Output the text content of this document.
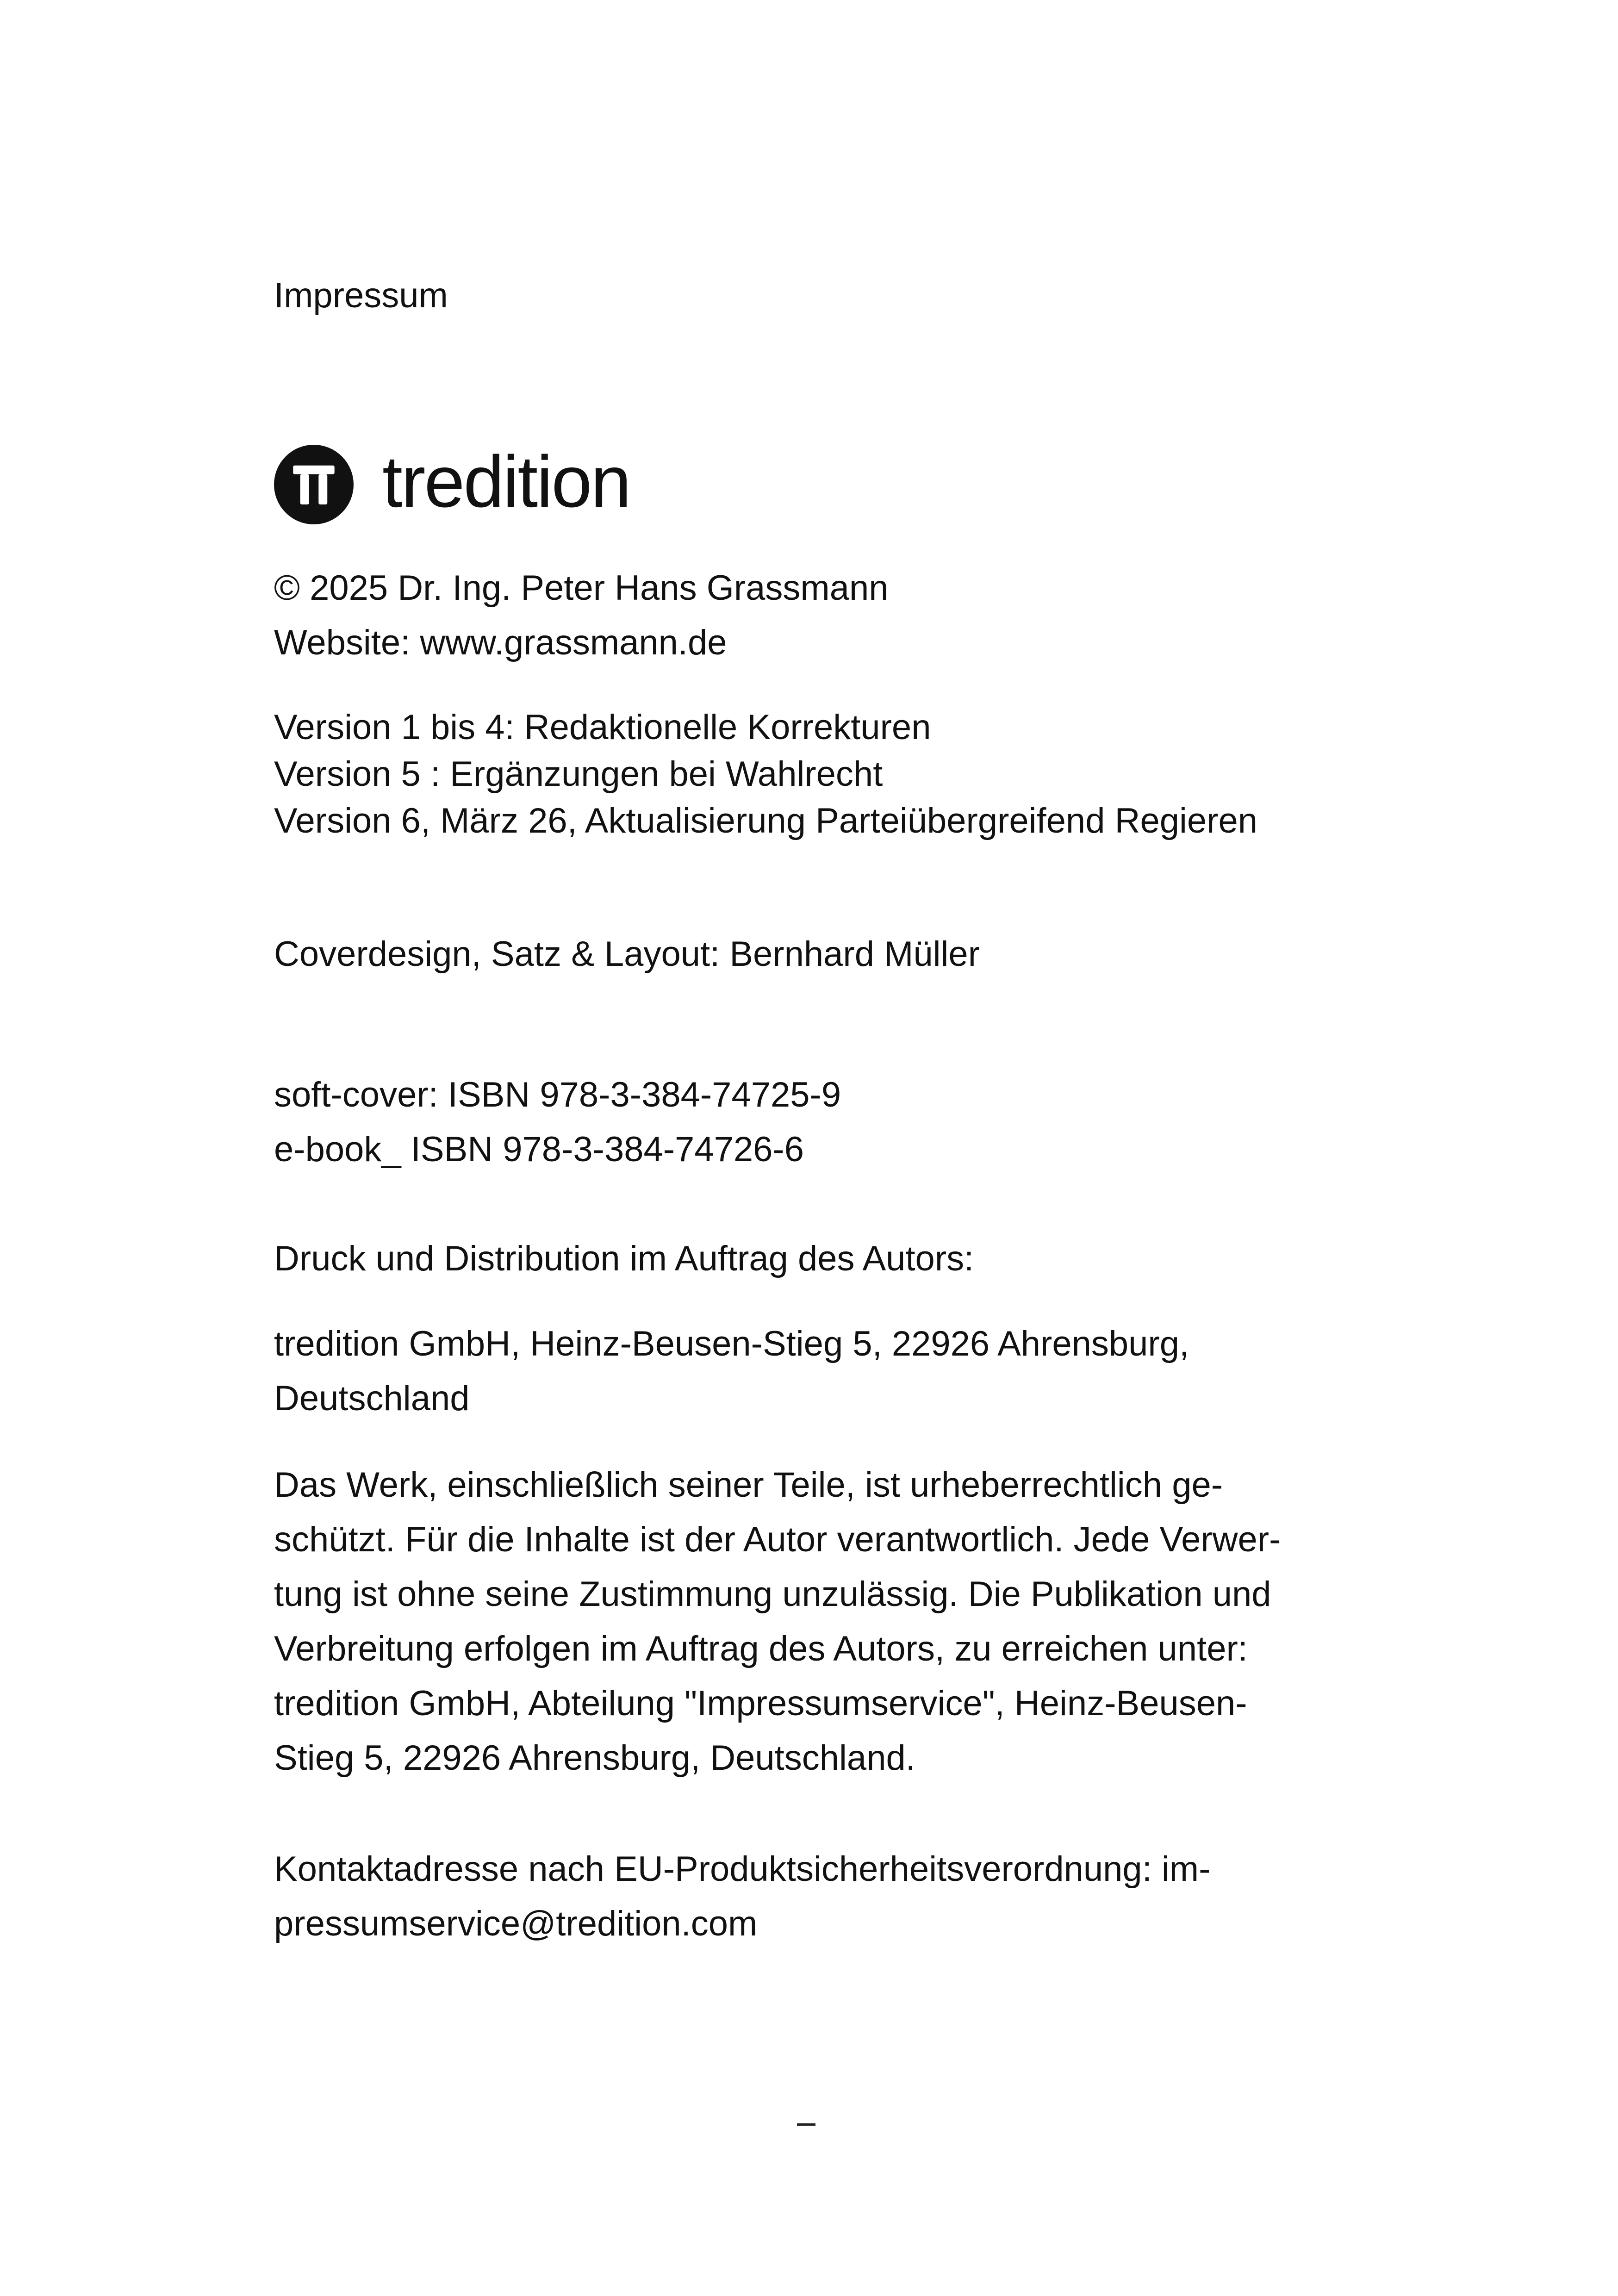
Impressum

tredition

© 2025 Dr. Ing. Peter Hans Grassmann

Website: www.grassmann.de

Version 1 bis 4: Redaktionelle Korrekturen
Version 5 : Ergänzungen bei Wahlrecht
Version 6, März 26, Aktualisierung Parteiübergreifend Regieren

Coverdesign, Satz & Layout: Bernhard Müller

soft-cover: ISBN 978-3-384-74725-9
e-book_ ISBN 978-3-384-74726-6

Druck und Distribution im Auftrag des Autors:

tredition GmbH, Heinz-Beusen-Stieg 5, 22926 Ahrensburg,
Deutschland

Das Werk, einschließlich seiner Teile, ist urheberrechtlich ge-
schützt. Für die Inhalte ist der Autor verantwortlich. Jede Verwer-
tung ist ohne seine Zustimmung unzulässig. Die Publikation und
Verbreitung erfolgen im Auftrag des Autors, zu erreichen unter:
tredition GmbH, Abteilung "Impressumservice", Heinz-Beusen-
Stieg 5, 22926 Ahrensburg, Deutschland.

Kontaktadresse nach EU-Produktsicherheitsverordnung: im-
pressumservice@tredition.com
